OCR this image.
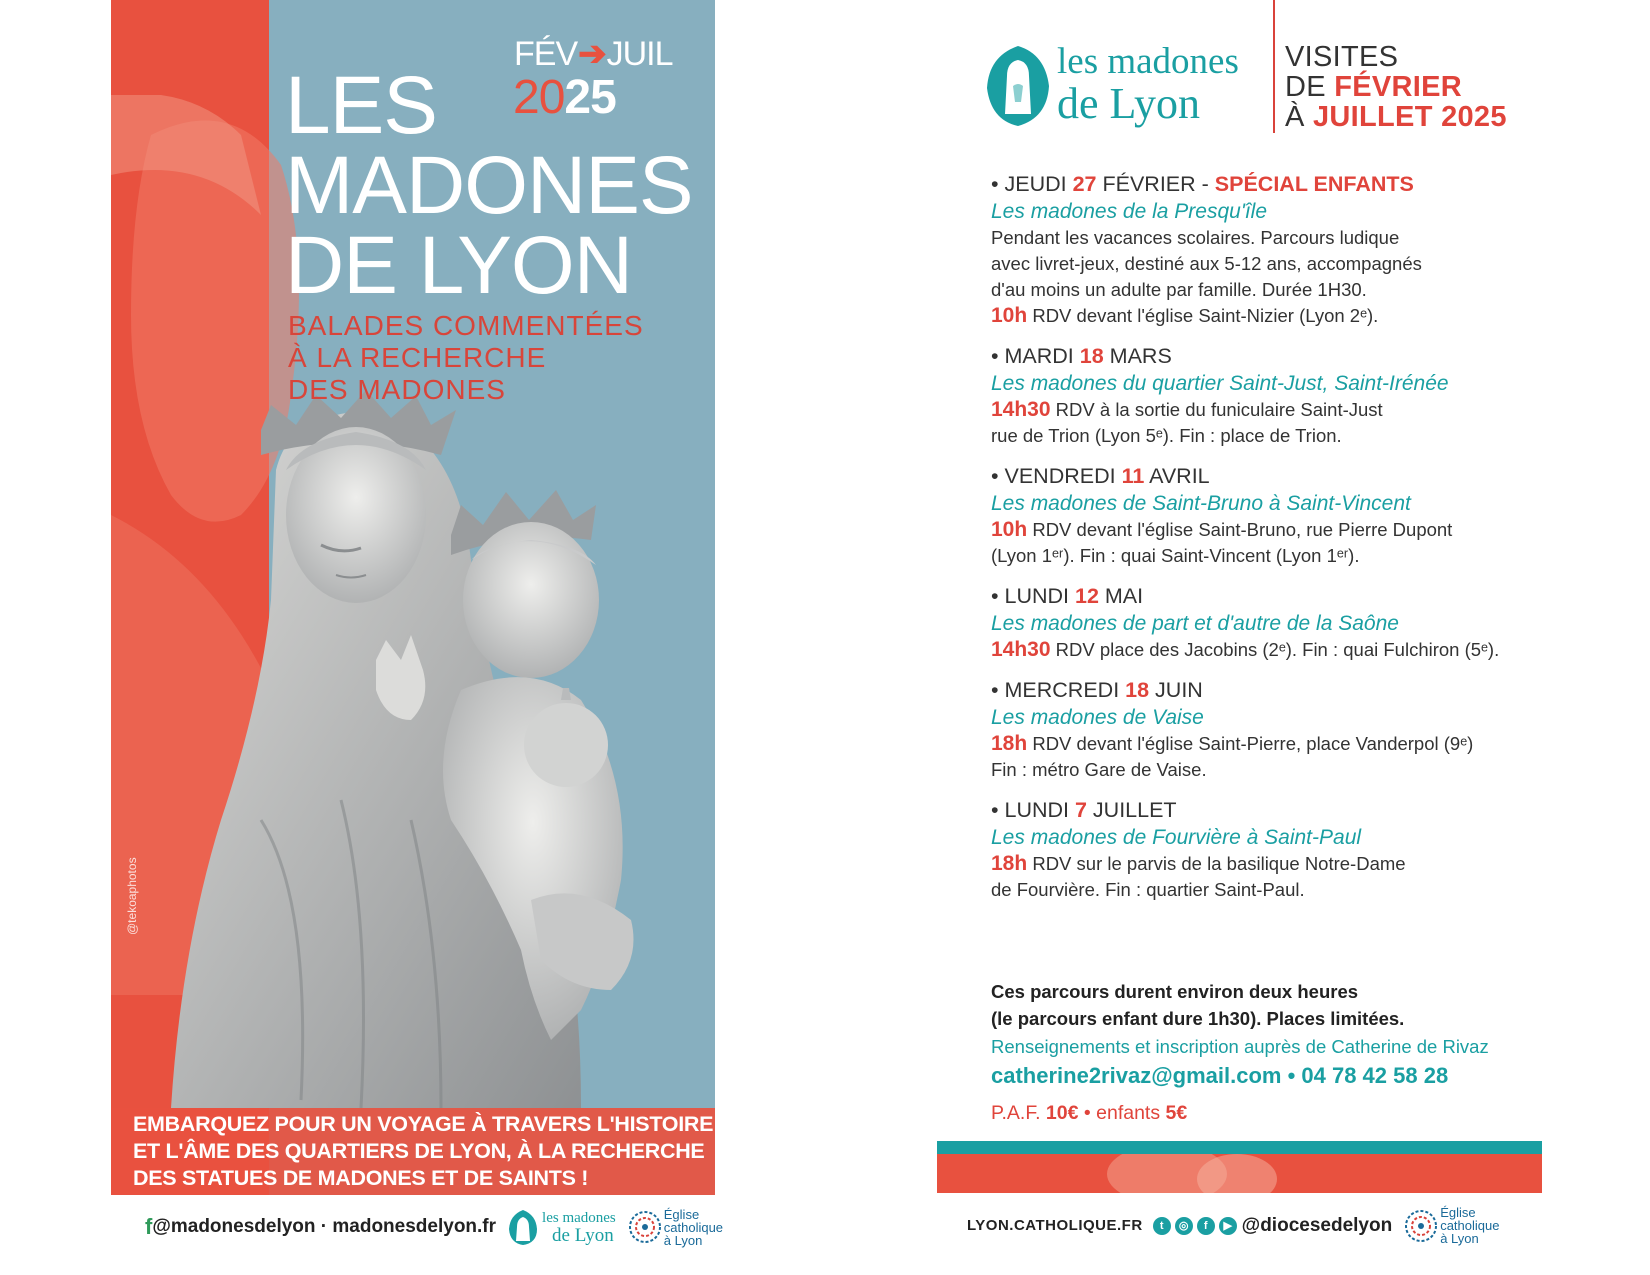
FÉV➔JUIL
2025
LES
MADONES
DE LYON
BALADES COMMENTÉES
À LA RECHERCHE
DES MADONES
@tekoaphotos

EMBARQUEZ POUR UN VOYAGE À TRAVERS L'HISTOIRE
ET L'ÂME DES QUARTIERS DE LYON, À LA RECHERCHE
DES STATUES DE MADONES ET DE SAINTS !

f @madonesdelyon · madonesdelyon.fr	les madones
de Lyon
Église
catholique
à Lyon
les madones
de Lyon
VISITES
DE FÉVRIER
À JUILLET 2025
• JEUDI 27 FÉVRIER - SPÉCIAL ENFANTS
Les madones de la Presqu'île
Pendant les vacances scolaires. Parcours ludique
avec livret-jeux, destiné aux 5-12 ans, accompagnés
d'au moins un adulte par famille. Durée 1H30.
10h RDV devant l'église Saint-Nizier (Lyon 2ᵉ).
• MARDI 18 MARS
Les madones du quartier Saint-Just, Saint-Irénée
14h30 RDV à la sortie du funiculaire Saint-Just
rue de Trion (Lyon 5ᵉ). Fin : place de Trion.
• VENDREDI 11 AVRIL
Les madones de Saint-Bruno à Saint-Vincent
10h RDV devant l'église Saint-Bruno, rue Pierre Dupont
(Lyon 1ᵉʳ). Fin : quai Saint-Vincent (Lyon 1ᵉʳ).
• LUNDI 12 MAI
Les madones de part et d'autre de la Saône
14h30 RDV place des Jacobins (2ᵉ). Fin : quai Fulchiron (5ᵉ).
• MERCREDI 18 JUIN
Les madones de Vaise
18h RDV devant l'église Saint-Pierre, place Vanderpol (9ᵉ)
Fin : métro Gare de Vaise.
• LUNDI 7 JUILLET
Les madones de Fourvière à Saint-Paul
18h RDV sur le parvis de la basilique Notre-Dame
de Fourvière. Fin : quartier Saint-Paul.
Ces parcours durent environ deux heures
(le parcours enfant dure 1h30). Places limitées.
Renseignements et inscription auprès de Catherine de Rivaz
catherine2rivaz@gmail.com • 04 78 42 58 28
P.A.F. 10€ • enfants 5€
LYON.CATHOLIQUE.FR	t	◎	f	▶ @diocesedelyon
Église
catholique
à Lyon
